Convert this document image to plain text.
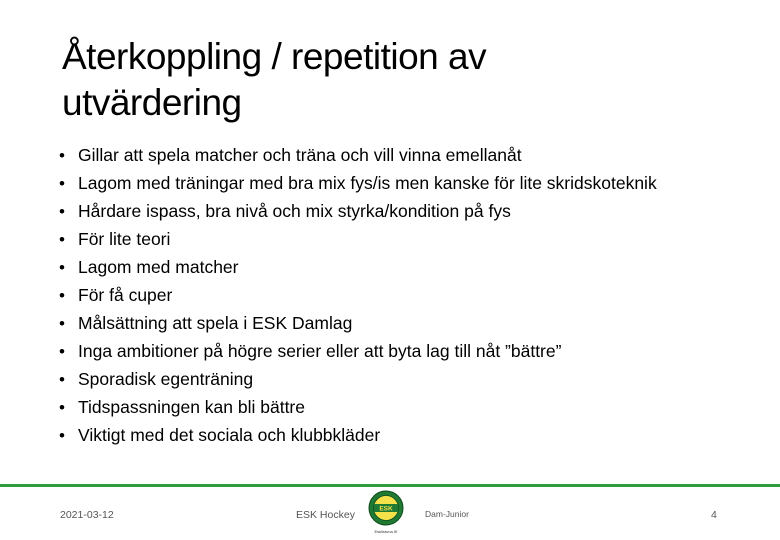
Återkoppling / repetition av
utvärdering
• Gillar att spela matcher och träna och vill vinna emellanåt
• Lagom med träningar med bra mix fys/is men kanske för lite skridskoteknik
• Hårdare ispass, bra nivå och mix styrka/kondition på fys
• För lite teori
• Lagom med matcher
• För få cuper
• Målsättning att spela i ESK Damlag
• Inga ambitioner på högre serier eller att byta lag till nåt ”bättre”
• Sporadisk egenträning
• Tidspassningen kan bli bättre
• Viktigt med det sociala och klubbkläder
2021-03-12	ESK Hockey	ESK
Eskilstuna IK
Dam-Junior	4
